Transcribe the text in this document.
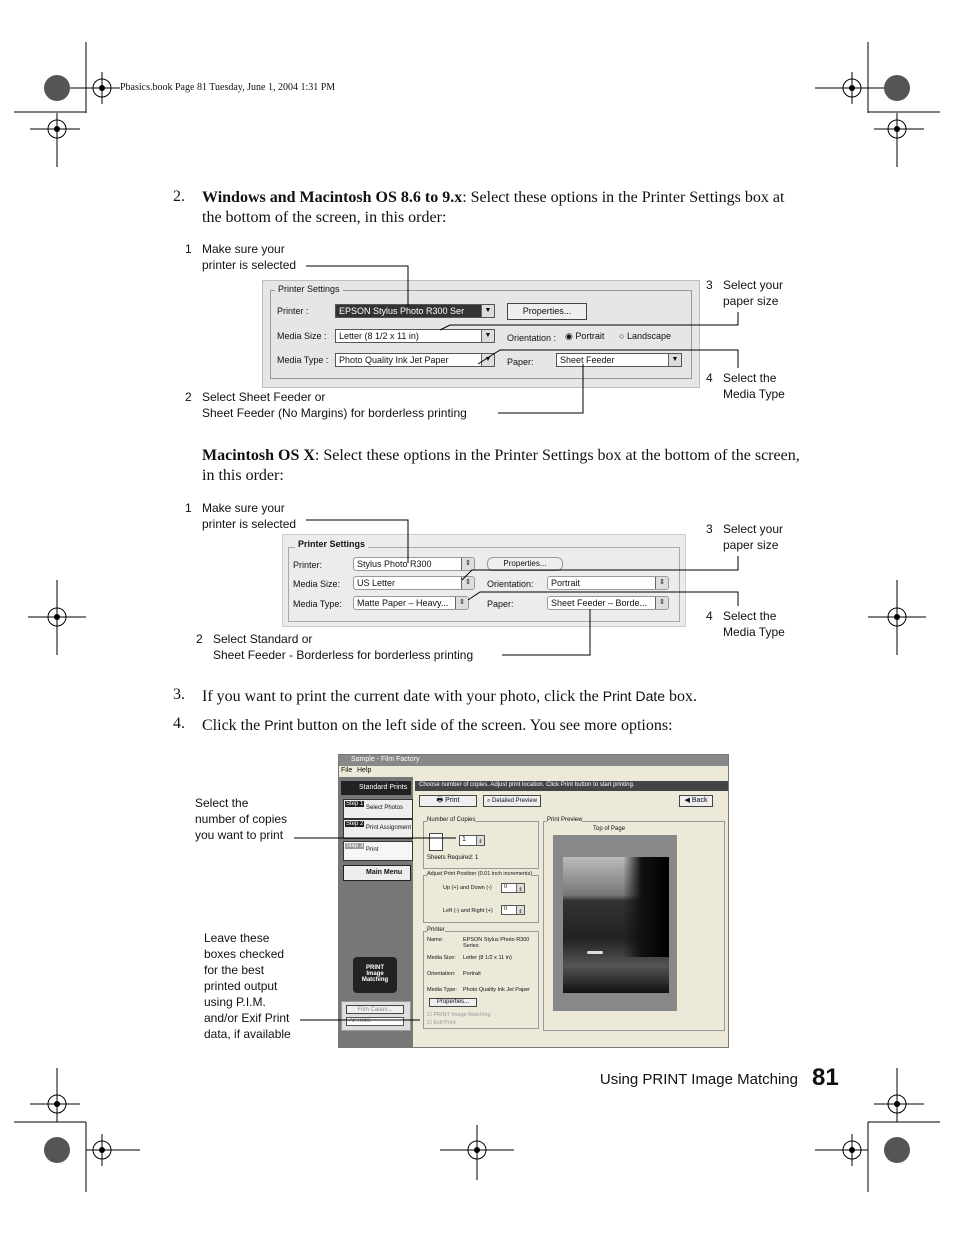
Pbasics.book Page 81 Tuesday, June 1, 2004 1:31 PM
2. Windows and Macintosh OS 8.6 to 9.x: Select these options in the Printer Settings box at the bottom of the screen, in this order:
Printer Settings
Printer :	EPSON Stylus Photo R300 Ser	▼	Properties...
Media Size :	Letter (8 1/2 x 11 in)	▼ Orientation : ◉ Portrait ○ Landscape
Media Type :	Photo Quality Ink Jet Paper	▼ Paper:	Sheet Feeder	▼
1 Make sure your
printer is selected
2 Select Sheet Feeder or
Sheet Feeder (No Margins) for borderless printing
3 Select your
paper size
4 Select the
Media Type
Macintosh OS X: Select these options in the Printer Settings box at the bottom of the screen, in this order:
Printer Settings
Printer:	Stylus Photo R300	⇕	Properties...
Media Size:	US Letter	⇕	Orientation:	Portrait	⇕
Media Type:	Matte Paper – Heavy...	⇕	Paper:	Sheet Feeder – Borde...	⇕
1 Make sure your
printer is selected
2 Select Standard or
Sheet Feeder - Borderless for borderless printing
3 Select your
paper size
4 Select the
Media Type
3. If you want to print the current date with your photo, click the Print Date box.
4. Click the Print button on the left side of the screen. You see more options:
Sample - Film Factory
File Help
Standard Prints
Step 1
Select Photos
Step 2
Print Assignment
Step 3
Print
Main Menu
PRINT
Image
Matching
Film Cases...
All Rolls
Choose number of copies. Adjust print location. Click Print button to start printing.
🖶 Print	⌕ Detailed Preview	◀ Back
Number of Copies
1	⇕
Sheets Required: 1
Adjust Print Position (0.01 inch increments)
Up (+) and Down (-)	0	⇕
Left (-) and Right (+)	0	⇕
Printer
Name:	EPSON Stylus Photo R300 Series
Media Size: Letter (8 1/2 x 11 in)
Orientation: Portrait
Media Type: Photo Quality Ink Jet Paper
Properties...
☑ PRINT Image Matching
☑ Exif Print
Print Preview
Top of Page
Select the
number of copies
you want to print
Leave these
boxes checked
for the best
printed output
using P.I.M.
and/or Exif Print
data, if available
Using PRINT Image Matching 81
